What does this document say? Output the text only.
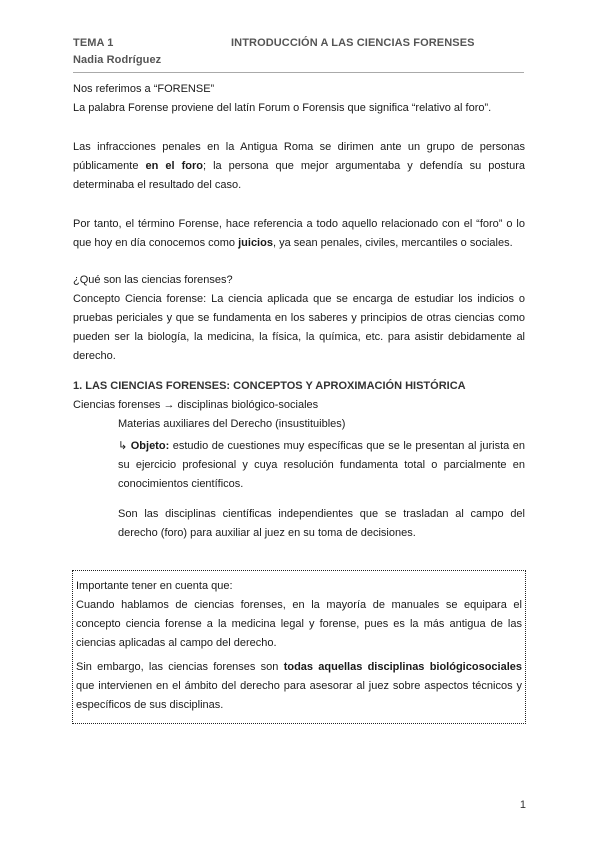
TEMA 1	INTRODUCCIÓN A LAS CIENCIAS FORENSES
Nadia Rodríguez

Nos referimos a “FORENSE”

La palabra Forense proviene del latín Forum o Forensis que significa “relativo al foro”.

Las infracciones penales en la Antigua Roma se dirimen ante un grupo de personas públicamente en el foro; la persona que mejor argumentaba y defendía su postura determinaba el resultado del caso.

Por tanto, el término Forense, hace referencia a todo aquello relacionado con el “foro” o lo que hoy en día conocemos como juicios, ya sean penales, civiles, mercantiles o sociales.

¿Qué son las ciencias forenses?

Concepto Ciencia forense: La ciencia aplicada que se encarga de estudiar los indicios o pruebas periciales y que se fundamenta en los saberes y principios de otras ciencias como pueden ser la biología, la medicina, la física, la química, etc. para asistir debidamente al derecho.

1. LAS CIENCIAS FORENSES: CONCEPTOS Y APROXIMACIÓN HISTÓRICA

Ciencias forenses → disciplinas biológico-sociales

Materias auxiliares del Derecho (insustituibles)

↳ Objeto: estudio de cuestiones muy específicas que se le presentan al jurista en su ejercicio profesional y cuya resolución fundamenta total o parcialmente en conocimientos científicos.

Son las disciplinas científicas independientes que se trasladan al campo del derecho (foro) para auxiliar al juez en su toma de decisiones.

Importante tener en cuenta que:

Cuando hablamos de ciencias forenses, en la mayoría de manuales se equipara el concepto ciencia forense a la medicina legal y forense, pues es la más antigua de las ciencias aplicadas al campo del derecho.

Sin embargo, las ciencias forenses son todas aquellas disciplinas biológicosociales que intervienen en el ámbito del derecho para asesorar al juez sobre aspectos técnicos y específicos de sus disciplinas.

1
